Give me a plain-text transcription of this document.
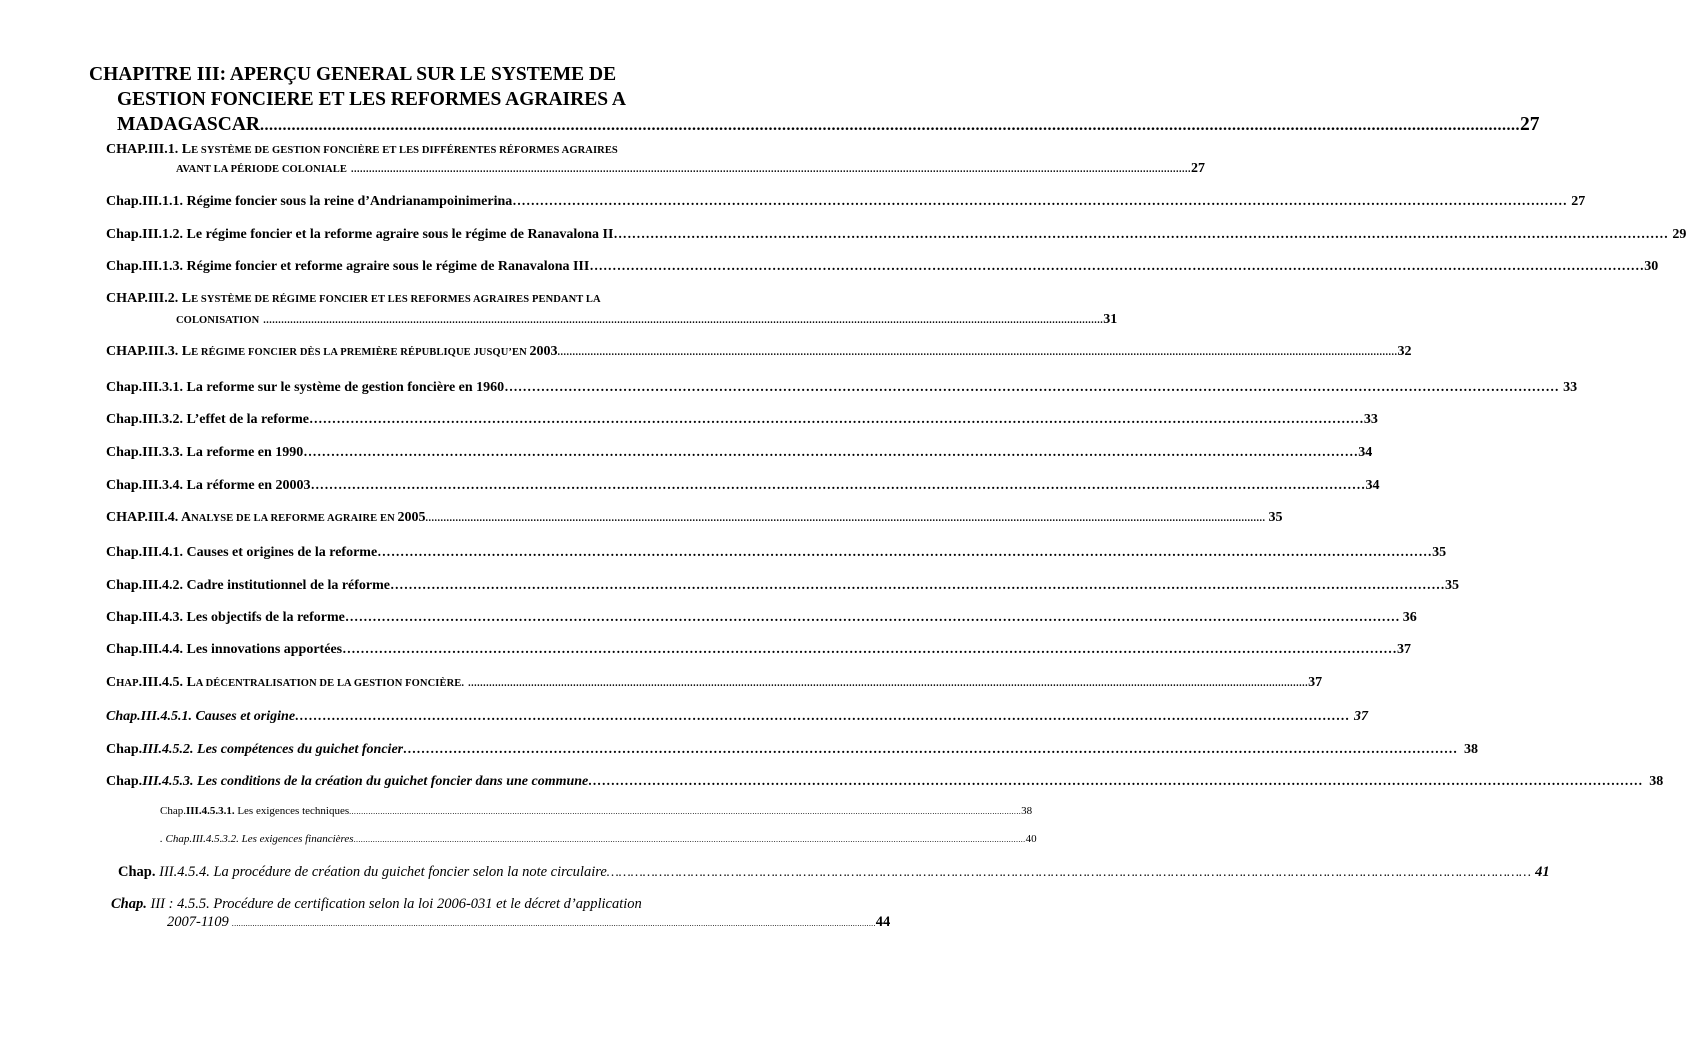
CHAPITRE III: APERÇU GENERAL SUR LE SYSTEME DE
GESTION FONCIERE ET LES REFORMES AGRAIRES A
MADAGASCAR ........................................................................................................................................................................................................................................................................................ 27
CHAP.III.1. LE SYSTÈME DE GESTION FONCIÈRE ET LES DIFFÉRENTES RÉFORMES AGRAIRES
AVANT LA PÉRIODE COLONIALE ........................................................................................................................................................................................................................................................................................ 27
Chap.III.1.1. Régime foncier sous la reine d’Andrianampoinimerina …………………………………………………………………………………………………………………………………………………………………………………………………………… 27
Chap.III.1.2. Le régime foncier et la reforme agraire sous le régime de Ranavalona II …………………………………………………………………………………………………………………………………………………………………………………………………………… 29
Chap.III.1.3. Régime foncier et reforme agraire sous le régime de Ranavalona III …………………………………………………………………………………………………………………………………………………………………………………………………………… 30
CHAP.III.2. LE SYSTÈME DE RÉGIME FONCIER ET LES REFORMES AGRAIRES PENDANT LA
COLONISATION ........................................................................................................................................................................................................................................................................................ 31
CHAP.III.3. LE RÉGIME FONCIER DÈS LA PREMIÈRE RÉPUBLIQUE JUSQU’EN 2003 ........................................................................................................................................................................................................................................................................................ 32
Chap.III.3.1. La reforme sur le système de gestion foncière en 1960 …………………………………………………………………………………………………………………………………………………………………………………………………………… 33
Chap.III.3.2. L’effet de la reforme …………………………………………………………………………………………………………………………………………………………………………………………………………… 33
Chap.III.3.3. La reforme en 1990 …………………………………………………………………………………………………………………………………………………………………………………………………………… 34
Chap.III.3.4. La réforme en 20003 …………………………………………………………………………………………………………………………………………………………………………………………………………… 34
CHAP.III.4. ANALYSE DE LA REFORME AGRAIRE EN 2005 ........................................................................................................................................................................................................................................................................................ 35
Chap.III.4.1. Causes et origines de la reforme …………………………………………………………………………………………………………………………………………………………………………………………………………… 35
Chap.III.4.2. Cadre institutionnel de la réforme …………………………………………………………………………………………………………………………………………………………………………………………………………… 35
Chap.III.4.3. Les objectifs de la reforme …………………………………………………………………………………………………………………………………………………………………………………………………………… 36
Chap.III.4.4. Les innovations apportées …………………………………………………………………………………………………………………………………………………………………………………………………………… 37
CHAP.III.4.5. LA DÉCENTRALISATION DE LA GESTION FONCIÈRE. ........................................................................................................................................................................................................................................................................................ 37
Chap.III.4.5.1. Causes et origine …………………………………………………………………………………………………………………………………………………………………………………………………………… 37
Chap.III.4.5.2. Les compétences du guichet foncier …………………………………………………………………………………………………………………………………………………………………………………………………………… 38
Chap.III.4.5.3. Les conditions de la création du guichet foncier dans une commune …………………………………………………………………………………………………………………………………………………………………………………………………………… 38
Chap.III.4.5.3.1. Les exigences techniques ........................................................................................................................................................................................................................................................................................ 38
. Chap.III.4.5.3.2. Les exigences financières ........................................................................................................................................................................................................................................................................................ 40
Chap. III.4.5.4. La procédure de création du guichet foncier selon la note circulaire …………………………………………………………………………………………………………………………………………………………………………………………………………… 41
Chap. III : 4.5.5. Procédure de certification selon la loi 2006-031 et le décret d’application
2007-1109 ........................................................................................................................................................................................................................................................................................ 44
